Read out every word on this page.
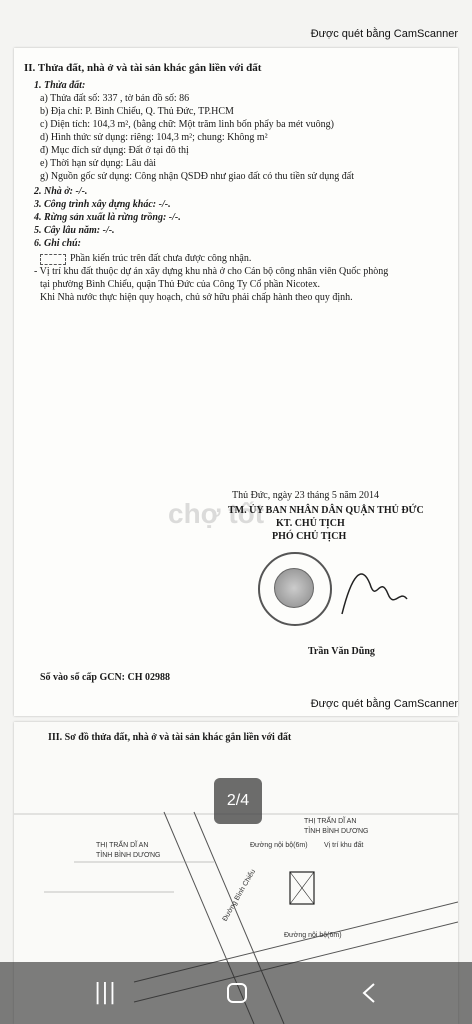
Được quét bằng CamScanner
II. Thửa đất, nhà ở và tài sản khác gắn liền với đất
1. Thửa đất:
a) Thửa đất số: 337 , tờ bản đồ số: 86
b) Địa chỉ: P. Bình Chiểu, Q. Thủ Đức, TP.HCM
c) Diện tích: 104,3 m², (bằng chữ: Một trăm linh bốn phẩy ba mét vuông)
d) Hình thức sử dụng: riêng: 104,3 m²; chung: Không m²
đ) Mục đích sử dụng: Đất ở tại đô thị
e) Thời hạn sử dụng: Lâu dài
g) Nguồn gốc sử dụng: Công nhận QSDĐ như giao đất có thu tiền sử dụng đất
2. Nhà ở: -/-.
3. Công trình xây dựng khác: -/-.
4. Rừng sản xuất là rừng trồng: -/-.
5. Cây lâu năm: -/-.
6. Ghi chú:
Phần kiến trúc trên đất chưa được công nhận.
- Vị trí khu đất thuộc dự án xây dựng khu nhà ở cho Cán bộ công nhân viên Quốc phòng
tại phường Bình Chiểu, quận Thủ Đức của Công Ty Cổ phần Nicotex.
Khi Nhà nước thực hiện quy hoạch, chủ sở hữu phải chấp hành theo quy định.
chợ tốt
Thủ Đức, ngày 23 tháng 5 năm 2014
TM. ỦY BAN NHÂN DÂN QUẬN THỦ ĐỨC
KT. CHỦ TỊCH
PHÓ CHỦ TỊCH
Trần Văn Dũng
Số vào sổ cấp GCN: CH 02988
Được quét bằng CamScanner
III. Sơ đồ thửa đất, nhà ở và tài sản khác gắn liền với đất
THỊ TRẤN DĨ AN
TỈNH BÌNH DƯƠNG
THỊ TRẤN DĨ AN
TỈNH BÌNH DƯƠNG
Vị trí khu đất
Đường Bình Chiểu
Đường nội bộ(6m)
Đường nội bộ(6m)
2/4
|||
